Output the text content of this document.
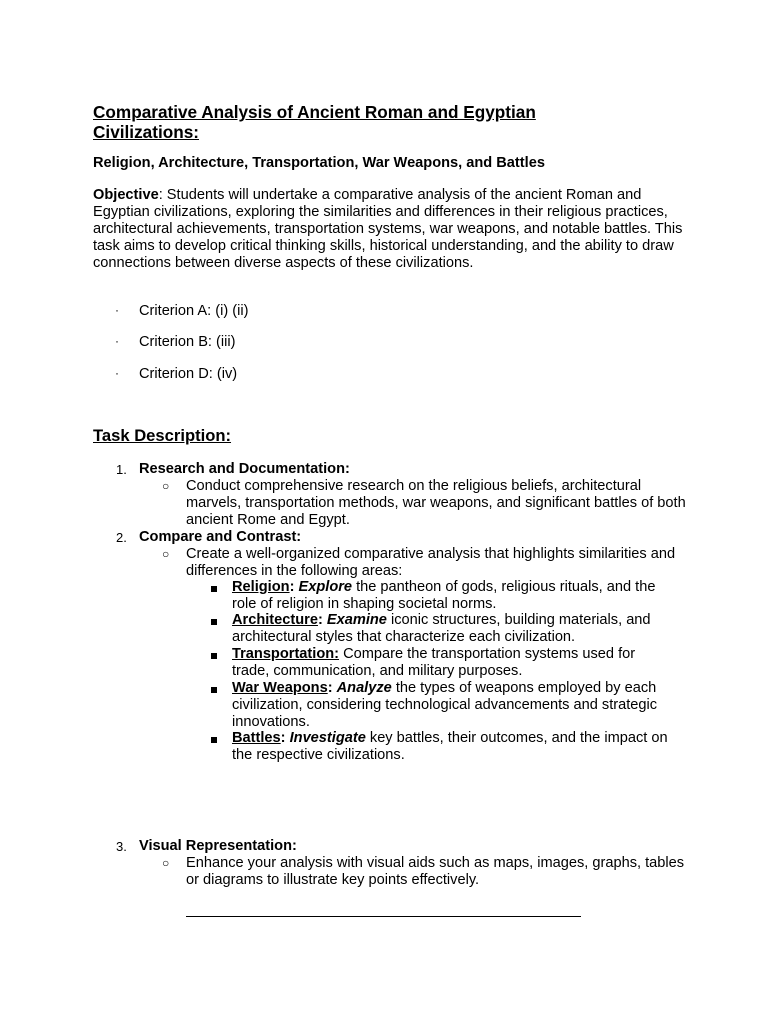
Comparative Analysis of Ancient Roman and Egyptian Civilizations:
Religion, Architecture, Transportation, War Weapons, and Battles
Objective: Students will undertake a comparative analysis of the ancient Roman and Egyptian civilizations, exploring the similarities and differences in their religious practices, architectural achievements, transportation systems, war weapons, and notable battles. This task aims to develop critical thinking skills, historical understanding, and the ability to draw connections between diverse aspects of these civilizations.
· Criterion A: (i) (ii)
· Criterion B: (iii)
· Criterion D: (iv)
Task Description:
1. Research and Documentation:
○ Conduct comprehensive research on the religious beliefs, architectural marvels, transportation methods, war weapons, and significant battles of both ancient Rome and Egypt.
2. Compare and Contrast:
○ Create a well-organized comparative analysis that highlights similarities and differences in the following areas:
Religion: Explore the pantheon of gods, religious rituals, and the role of religion in shaping societal norms.
Architecture: Examine iconic structures, building materials, and architectural styles that characterize each civilization.
Transportation: Compare the transportation systems used for trade, communication, and military purposes.
War Weapons: Analyze the types of weapons employed by each civilization, considering technological advancements and strategic innovations.
Battles: Investigate key battles, their outcomes, and the impact on the respective civilizations.
3. Visual Representation:
○ Enhance your analysis with visual aids such as maps, images, graphs, tables or diagrams to illustrate key points effectively.
